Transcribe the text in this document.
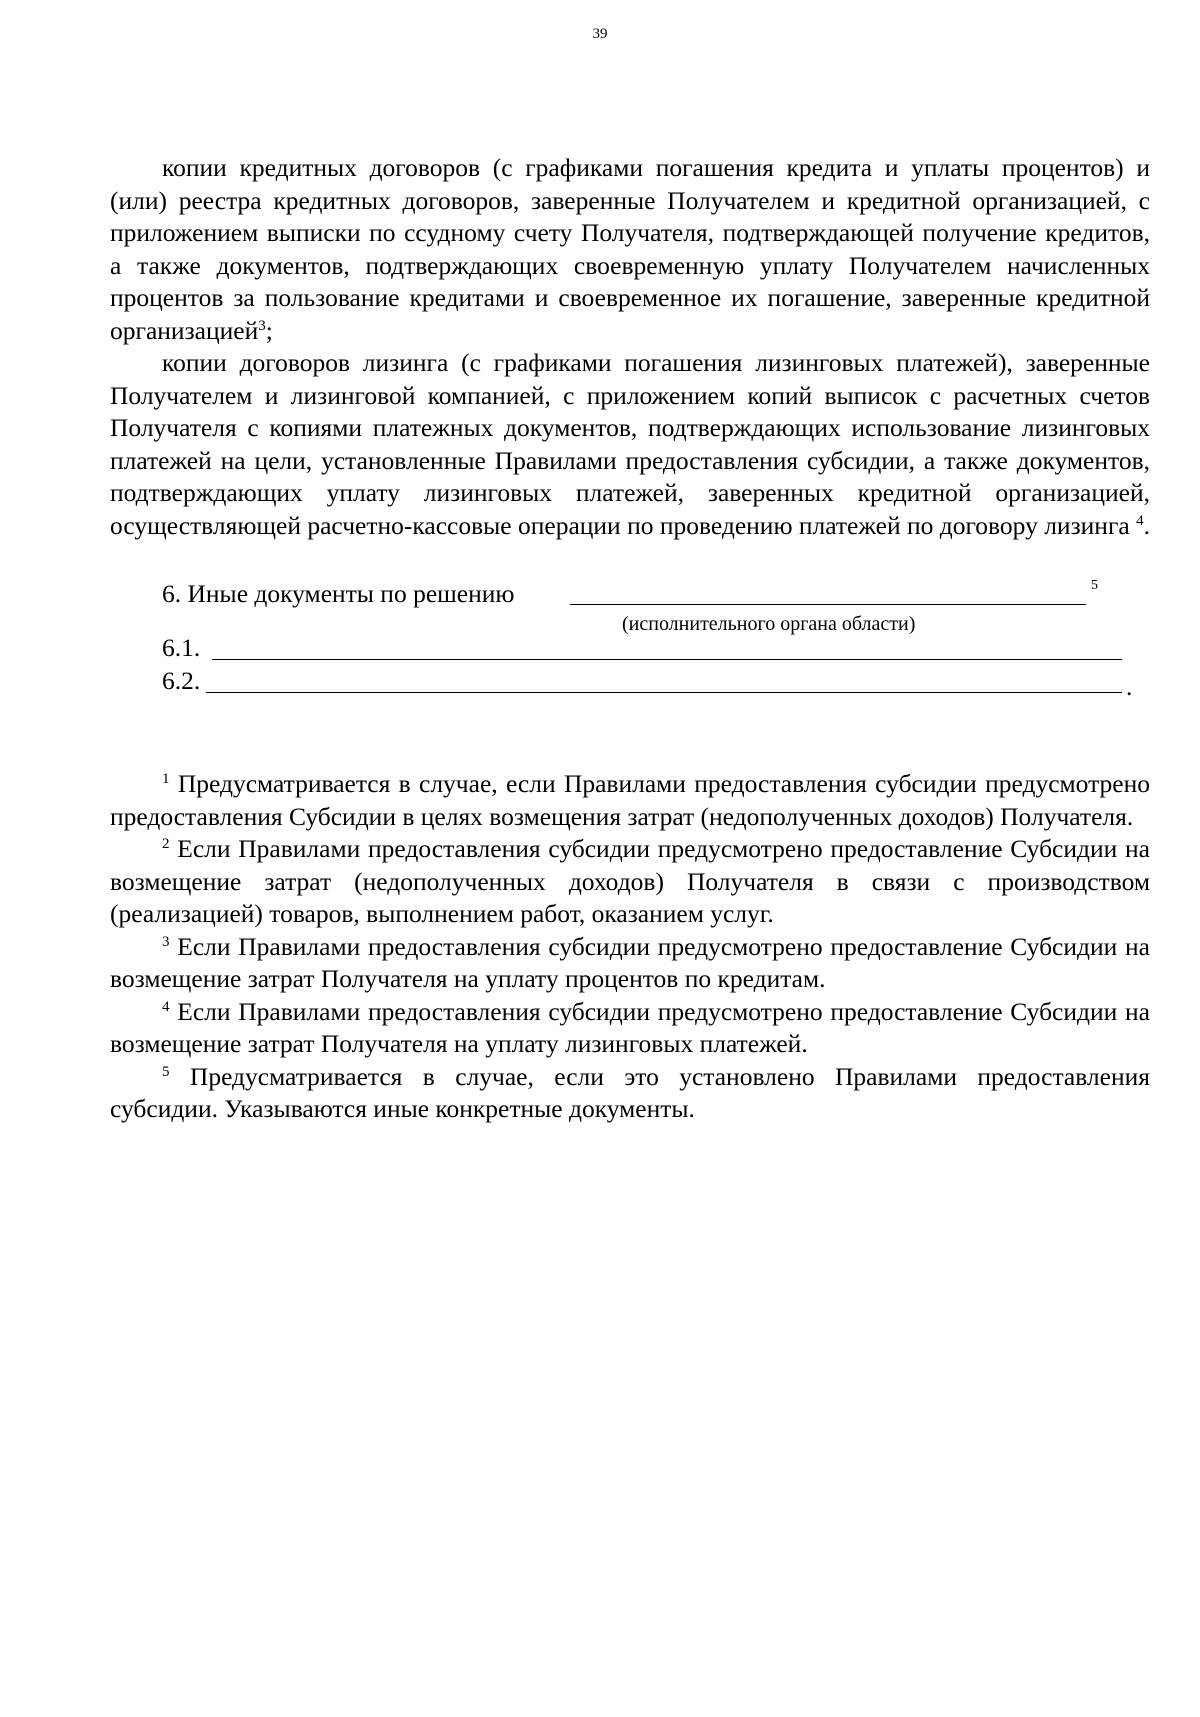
39

копии кредитных договоров (с графиками погашения кредита и уплаты процентов) и (или) реестра кредитных договоров, заверенные Получателем и кредитной организацией, с приложением выписки по ссудному счету Получателя, подтверждающей получение кредитов, а также документов, подтверждающих своевременную уплату Получателем начисленных процентов за пользование кредитами и своевременное их погашение, заверенные кредитной организацией$^3$;

копии договоров лизинга (с графиками погашения лизинговых платежей), заверенные Получателем и лизинговой компанией, с приложением копий выписок с расчетных счетов Получателя с копиями платежных документов, подтверждающих использование лизинговых платежей на цели, установленные Правилами предоставления субсидии, а также документов, подтверждающих уплату лизинговых платежей, заверенных кредитной организацией, осуществляющей расчетно-кассовые операции по проведению платежей по договору лизинга $^4$.

6. Иные документы по решению	5
(исполнительного органа области)
6.1.
6.2.	.

$^1$ Предусматривается в случае, если Правилами предоставления субсидии предусмотрено предоставления Субсидии в целях возмещения затрат (недополученных доходов) Получателя.

$^2$ Если Правилами предоставления субсидии предусмотрено предоставление Субсидии на возмещение затрат (недополученных доходов) Получателя в связи с производством (реализацией) товаров, выполнением работ, оказанием услуг.

$^3$ Если Правилами предоставления субсидии предусмотрено предоставление Субсидии на возмещение затрат Получателя на уплату процентов по кредитам.

$^4$ Если Правилами предоставления субсидии предусмотрено предоставление Субсидии на возмещение затрат Получателя на уплату лизинговых платежей.

$^5$ Предусматривается в случае, если это установлено Правилами предоставления субсидии. Указываются иные конкретные документы.
